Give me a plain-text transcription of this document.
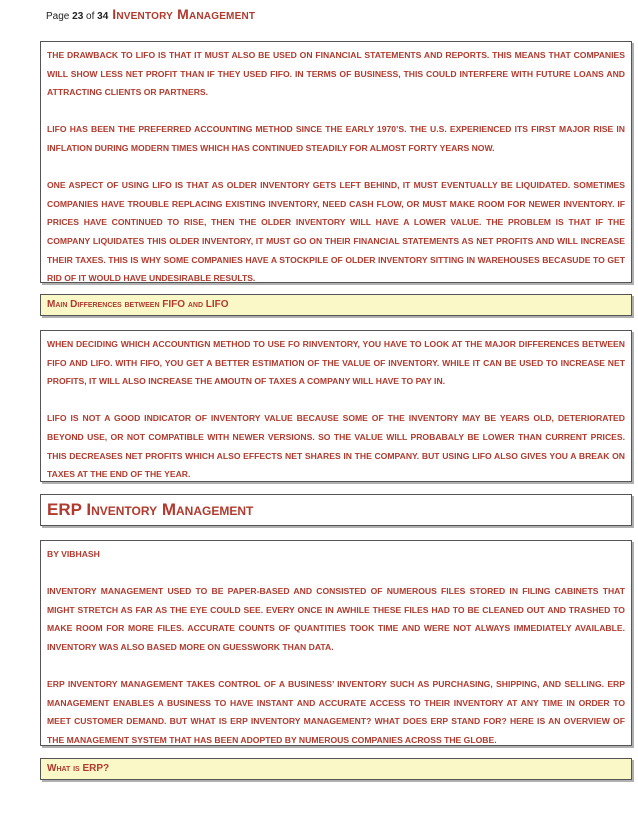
Page 23 of 34 Inventory Management

THE DRAWBACK TO LIFO IS THAT IT MUST ALSO BE USED ON FINANCIAL STATEMENTS AND REPORTS. THIS MEANS THAT COMPANIES WILL SHOW LESS NET PROFIT THAN IF THEY USED FIFO. IN TERMS OF BUSINESS, THIS COULD INTERFERE WITH FUTURE LOANS AND ATTRACTING CLIENTS OR PARTNERS.

LIFO HAS BEEN THE PREFERRED ACCOUNTING METHOD SINCE THE EARLY 1970’S. THE U.S. EXPERIENCED ITS FIRST MAJOR RISE IN INFLATION DURING MODERN TIMES WHICH HAS CONTINUED STEADILY FOR ALMOST FORTY YEARS NOW.

ONE ASPECT OF USING LIFO IS THAT AS OLDER INVENTORY GETS LEFT BEHIND, IT MUST EVENTUALLY BE LIQUIDATED. SOMETIMES COMPANIES HAVE TROUBLE REPLACING EXISTING INVENTORY, NEED CASH FLOW, OR MUST MAKE ROOM FOR NEWER INVENTORY. IF PRICES HAVE CONTINUED TO RISE, THEN THE OLDER INVENTORY WILL HAVE A LOWER VALUE. THE PROBLEM IS THAT IF THE COMPANY LIQUIDATES THIS OLDER INVENTORY, IT MUST GO ON THEIR FINANCIAL STATEMENTS AS NET PROFITS AND WILL INCREASE THEIR TAXES. THIS IS WHY SOME COMPANIES HAVE A STOCKPILE OF OLDER INVENTORY SITTING IN WAREHOUSES BECASUDE TO GET RID OF IT WOULD HAVE UNDESIRABLE RESULTS.

Main Differences between FIFO and LIFO

WHEN DECIDING WHICH ACCOUNTIGN METHOD TO USE FO RINVENTORY, YOU HAVE TO LOOK AT THE MAJOR DIFFERENCES BETWEEN FIFO AND LIFO. WITH FIFO, YOU GET A BETTER ESTIMATION OF THE VALUE OF INVENTORY. WHILE IT CAN BE USED TO INCREASE NET PROFITS, IT WILL ALSO INCREASE THE AMOUTN OF TAXES A COMPANY WILL HAVE TO PAY IN.

LIFO IS NOT A GOOD INDICATOR OF INVENTORY VALUE BECAUSE SOME OF THE INVENTORY MAY BE YEARS OLD, DETERIORATED BEYOND USE, OR NOT COMPATIBLE WITH NEWER VERSIONS. SO THE VALUE WILL PROBABALY BE LOWER THAN CURRENT PRICES. THIS DECREASES NET PROFITS WHICH ALSO EFFECTS NET SHARES IN THE COMPANY. BUT USING LIFO ALSO GIVES YOU A BREAK ON TAXES AT THE END OF THE YEAR.

ERP Inventory Management

BY VIBHASH

INVENTORY MANAGEMENT USED TO BE PAPER-BASED AND CONSISTED OF NUMEROUS FILES STORED IN FILING CABINETS THAT MIGHT STRETCH AS FAR AS THE EYE COULD SEE. EVERY ONCE IN AWHILE THESE FILES HAD TO BE CLEANED OUT AND TRASHED TO MAKE ROOM FOR MORE FILES. ACCURATE COUNTS OF QUANTITIES TOOK TIME AND WERE NOT ALWAYS IMMEDIATELY AVAILABLE. INVENTORY WAS ALSO BASED MORE ON GUESSWORK THAN DATA.

ERP INVENTORY MANAGEMENT TAKES CONTROL OF A BUSINESS’ INVENTORY SUCH AS PURCHASING, SHIPPING, AND SELLING. ERP MANAGEMENT ENABLES A BUSINESS TO HAVE INSTANT AND ACCURATE ACCESS TO THEIR INVENTORY AT ANY TIME IN ORDER TO MEET CUSTOMER DEMAND. BUT WHAT IS ERP INVENTORY MANAGEMENT? WHAT DOES ERP STAND FOR? HERE IS AN OVERVIEW OF THE MANAGEMENT SYSTEM THAT HAS BEEN ADOPTED BY NUMEROUS COMPANIES ACROSS THE GLOBE.

What is ERP?
